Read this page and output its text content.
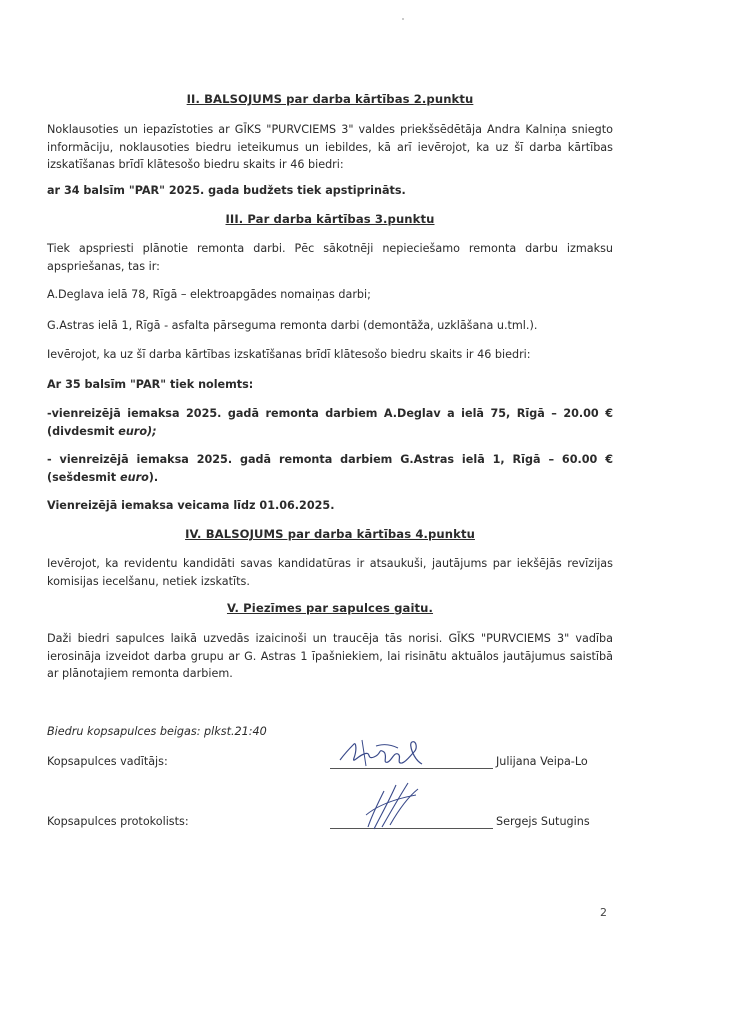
II. BALSOJUMS par darba kārtības 2.punktu
Noklausoties un iepazīstoties ar GĪKS "PURVCIEMS 3" valdes priekšsēdētāja Andra Kalniņa sniegto informāciju, noklausoties biedru ieteikumus un iebildes, kā arī ievērojot, ka uz šī darba kārtības izskatīšanas brīdī klātesošo biedru skaits ir 46 biedri:
ar 34 balsīm "PAR" 2025. gada budžets tiek apstiprināts.
III. Par darba kārtības 3.punktu
Tiek apspriesti plānotie remonta darbi. Pēc sākotnēji nepieciešamo remonta darbu izmaksu apspriešanas, tas ir:
A.Deglava ielā 78, Rīgā – elektroapgādes nomaiņas darbi;
G.Astras ielā 1, Rīgā - asfalta pārseguma remonta darbi (demontāža, uzklāšana u.tml.).
Ievērojot, ka uz šī darba kārtības izskatīšanas brīdī klātesošo biedru skaits ir 46 biedri:
Ar 35 balsīm "PAR" tiek nolemts:
-vienreizējā iemaksa 2025. gadā remonta darbiem A.Deglav a ielā 75, Rīgā – 20.00 € (divdesmit euro);
- vienreizējā iemaksa 2025. gadā remonta darbiem G.Astras ielā 1, Rīgā – 60.00 € (sešdesmit euro).
Vienreizējā iemaksa veicama līdz 01.06.2025.
IV. BALSOJUMS par darba kārtības 4.punktu
Ievērojot, ka revidentu kandidāti savas kandidatūras ir atsaukuši, jautājums par iekšējās revīzijas komisijas iecelšanu, netiek izskatīts.
V. Piezīmes par sapulces gaitu.
Daži biedri sapulces laikā uzvedās izaicinoši un traucēja tās norisi. GĪKS "PURVCIEMS 3" vadība ierosināja izveidot darba grupu ar G. Astras 1 īpašniekiem, lai risinātu aktuālos jautājumus saistībā ar plānotajiem remonta darbiem.
Biedru kopsapulces beigas: plkst.21:40
Kopsapulces vadītājs:	Julijana Veipa-Lo
Kopsapulces protokolists:	Sergejs Sutugins
2
